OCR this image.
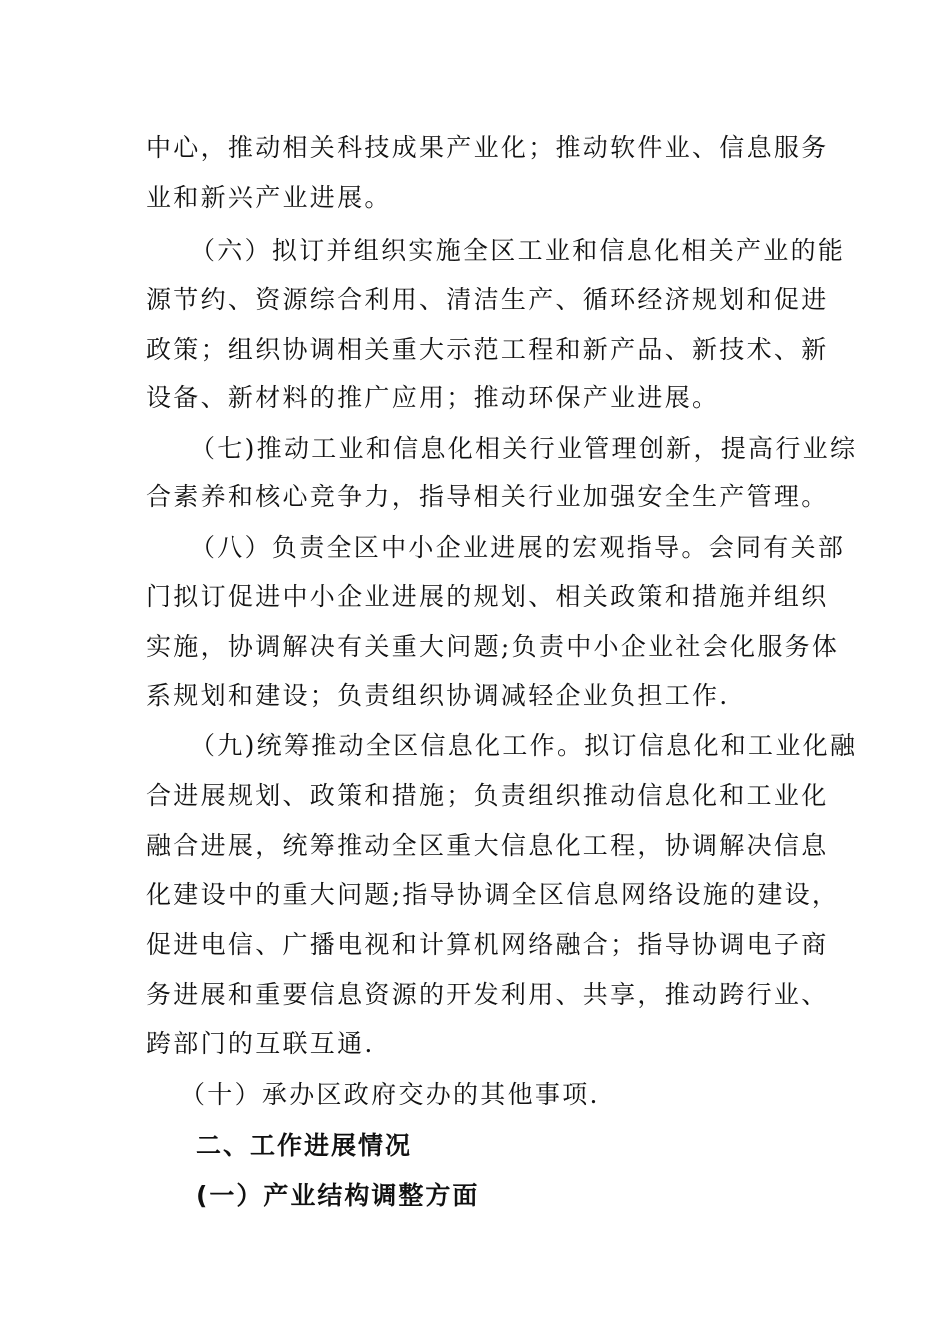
中心，推动相关科技成果产业化；推动软件业、信息服务
业和新兴产业进展。
（六）拟订并组织实施全区工业和信息化相关产业的能
源节约、资源综合利用、清洁生产、循环经济规划和促进
政策；组织协调相关重大示范工程和新产品、新技术、新
设备、新材料的推广应用；推动环保产业进展。
（七)推动工业和信息化相关行业管理创新，提高行业综
合素养和核心竞争力，指导相关行业加强安全生产管理。
（八）负责全区中小企业进展的宏观指导。会同有关部
门拟订促进中小企业进展的规划、相关政策和措施并组织
实施，协调解决有关重大问题;负责中小企业社会化服务体
系规划和建设；负责组织协调减轻企业负担工作.
（九)统筹推动全区信息化工作。拟订信息化和工业化融
合进展规划、政策和措施；负责组织推动信息化和工业化
融合进展，统筹推动全区重大信息化工程，协调解决信息
化建设中的重大问题;指导协调全区信息网络设施的建设，
促进电信、广播电视和计算机网络融合；指导协调电子商
务进展和重要信息资源的开发利用、共享，推动跨行业、
跨部门的互联互通.
（十）承办区政府交办的其他事项.
二、工作进展情况
(一）产业结构调整方面
